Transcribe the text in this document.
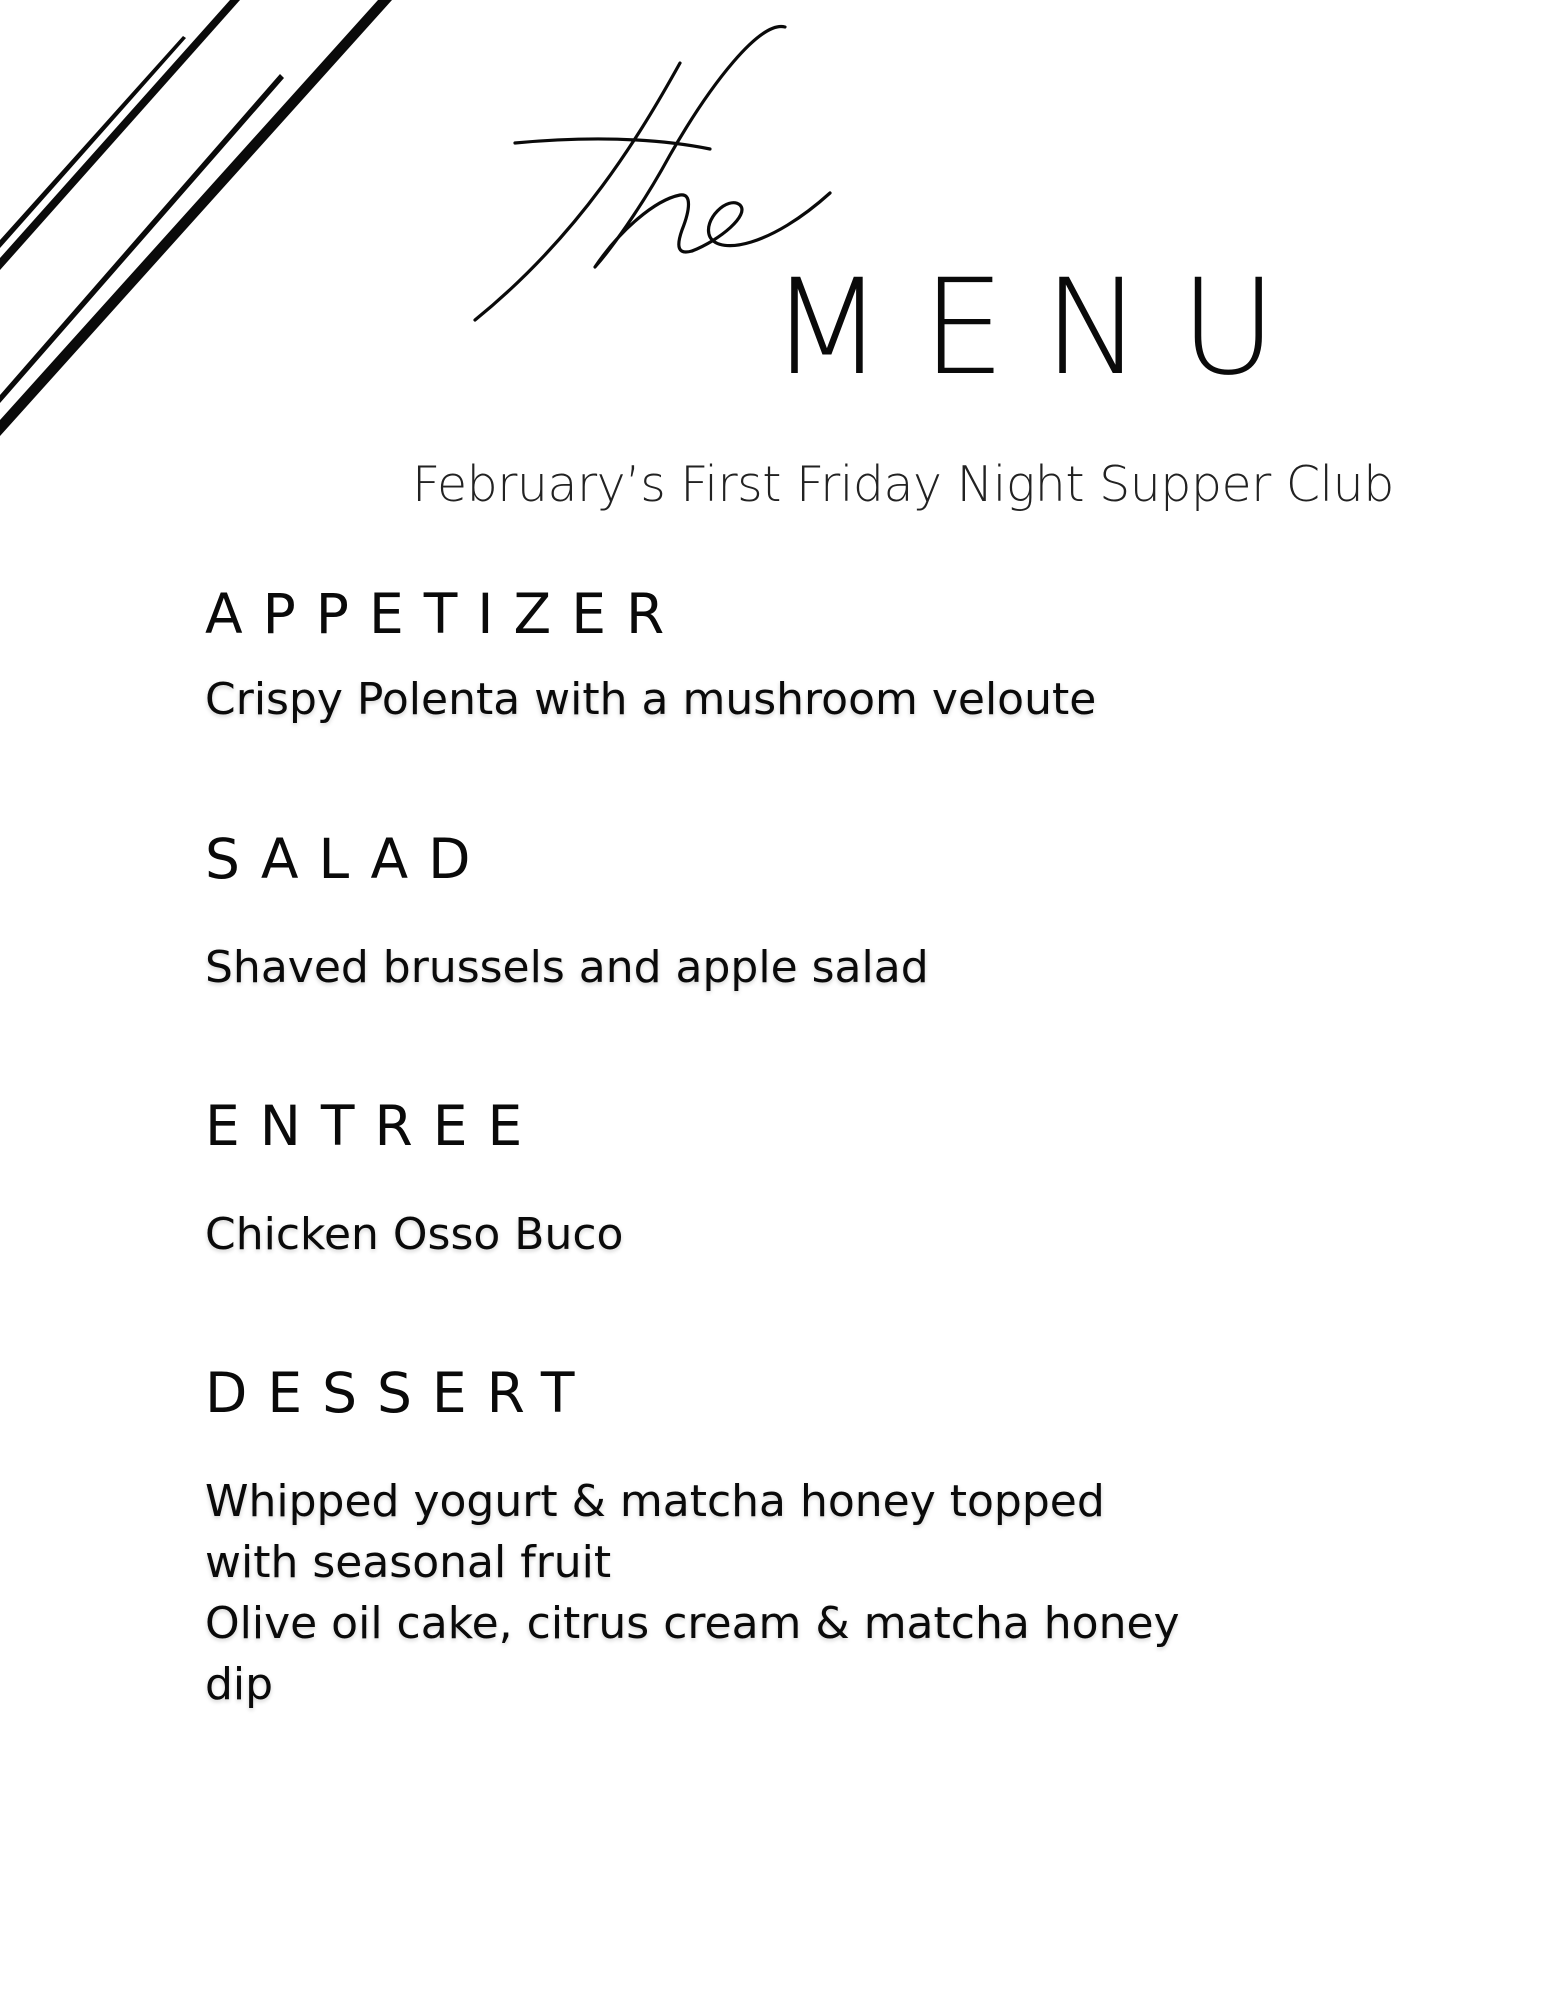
MENU
February’s First Friday Night Supper Club
APPETIZER
Crispy Polenta with a mushroom veloute
SALAD
Shaved brussels and apple salad
ENTREE
Chicken Osso Buco
DESSERT
Whipped yogurt & matcha honey topped with seasonal fruit
Olive oil cake, citrus cream & matcha honey dip
